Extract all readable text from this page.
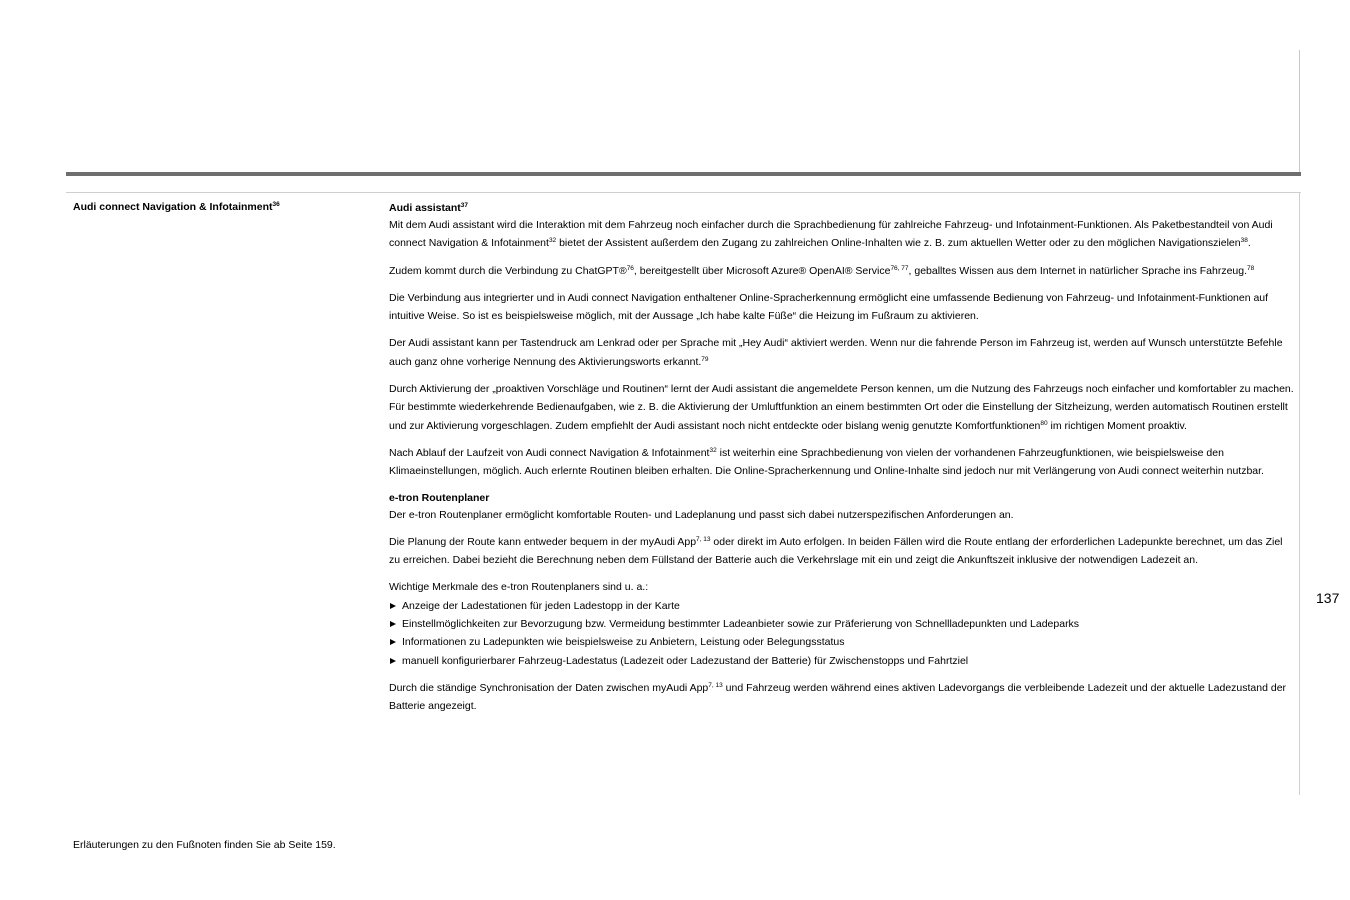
Audi connect Navigation & Infotainment$^{36}$	Audi assistant$^{37}$

Mit dem Audi assistant wird die Interaktion mit dem Fahrzeug noch einfacher durch die Sprachbedienung für zahlreiche Fahrzeug- und Infotainment-Funktionen. Als Paketbestandteil von Audi connect Navigation & Infotainment$^{32}$ bietet der Assistent außerdem den Zugang zu zahlreichen Online-Inhalten wie z. B. zum aktuellen Wetter oder zu den möglichen Navigationszielen$^{38}$.

Zudem kommt durch die Verbindung zu ChatGPT®$^{76}$, bereitgestellt über Microsoft Azure® OpenAI® Service$^{76, 77}$, geballtes Wissen aus dem Internet in natürlicher Sprache ins Fahrzeug.$^{78}$

Die Verbindung aus integrierter und in Audi connect Navigation enthaltener Online-Spracherkennung ermöglicht eine umfassende Bedienung von Fahrzeug- und Infotainment-Funktionen auf intuitive Weise. So ist es beispielsweise möglich, mit der Aussage „Ich habe kalte Füße“ die Heizung im Fußraum zu aktivieren.

Der Audi assistant kann per Tastendruck am Lenkrad oder per Sprache mit „Hey Audi“ aktiviert werden. Wenn nur die fahrende Person im Fahrzeug ist, werden auf Wunsch unterstützte Befehle auch ganz ohne vorherige Nennung des Aktivierungsworts erkannt.$^{79}$

Durch Aktivierung der „proaktiven Vorschläge und Routinen“ lernt der Audi assistant die angemeldete Person kennen, um die Nutzung des Fahrzeugs noch einfacher und komfortabler zu machen. Für bestimmte wiederkehrende Bedienaufgaben, wie z. B. die Aktivierung der Umluftfunktion an einem bestimmten Ort oder die Einstellung der Sitzheizung, werden automatisch Routinen erstellt und zur Aktivierung vorgeschlagen. Zudem empfiehlt der Audi assistant noch nicht entdeckte oder bislang wenig genutzte Komfortfunktionen$^{80}$ im richtigen Moment proaktiv.

Nach Ablauf der Laufzeit von Audi connect Navigation & Infotainment$^{32}$ ist weiterhin eine Sprachbedienung von vielen der vorhandenen Fahrzeugfunktionen, wie beispielsweise den Klimaeinstellungen, möglich. Auch erlernte Routinen bleiben erhalten. Die Online-Spracherkennung und Online-Inhalte sind jedoch nur mit Verlängerung von Audi connect weiterhin nutzbar.

e-tron Routenplaner

Der e-tron Routenplaner ermöglicht komfortable Routen- und Ladeplanung und passt sich dabei nutzerspezifischen Anforderungen an.

Die Planung der Route kann entweder bequem in der myAudi App$^{7, 13}$ oder direkt im Auto erfolgen. In beiden Fällen wird die Route entlang der erforderlichen Ladepunkte berechnet, um das Ziel zu erreichen. Dabei bezieht die Berechnung neben dem Füllstand der Batterie auch die Verkehrslage mit ein und zeigt die Ankunftszeit inklusive der notwendigen Ladezeit an.

Wichtige Merkmale des e-tron Routenplaners sind u. a.:

Anzeige der Ladestationen für jeden Ladestopp in der Karte
Einstellmöglichkeiten zur Bevorzugung bzw. Vermeidung bestimmter Ladeanbieter sowie zur Präferierung von Schnellladepunkten und Ladeparks
Informationen zu Ladepunkten wie beispielsweise zu Anbietern, Leistung oder Belegungsstatus
manuell konfigurierbarer Fahrzeug-Ladestatus (Ladezeit oder Ladezustand der Batterie) für Zwischenstopps und Fahrtziel

Durch die ständige Synchronisation der Daten zwischen myAudi App$^{7, 13}$ und Fahrzeug werden während eines aktiven Ladevorgangs die verbleibende Ladezeit und der aktuelle Ladezustand der Batterie angezeigt.

137
Erläuterungen zu den Fußnoten finden Sie ab Seite 159.
